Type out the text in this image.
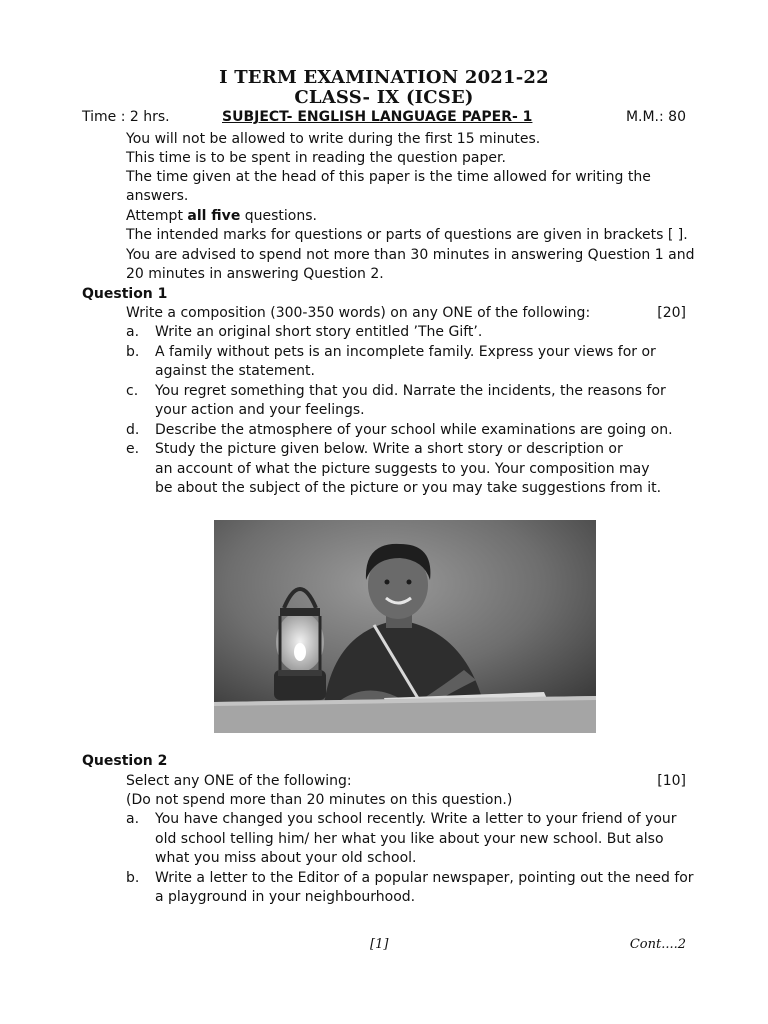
I TERM EXAMINATION 2021-22
CLASS- IX (ICSE)
Time : 2 hrs.	SUBJECT- ENGLISH LANGUAGE PAPER- 1	M.M.: 80
You will not be allowed to write during the first 15 minutes.
This time is to be spent in reading the question paper.
The time given at the head of this paper is the time allowed for writing the
answers.
Attempt all five questions.
The intended marks for questions or parts of questions are given in brackets [ ].
You are advised to spend not more than 30 minutes in answering Question 1 and
20 minutes in answering Question 2.
Question 1
Write a composition (300-350 words) on any ONE of the following:	[20]
a. Write an original short story entitled ’The Gift’.
b. A family without pets is an incomplete family. Express your views for or
against the statement.
c. You regret something that you did. Narrate the incidents, the reasons for
your action and your feelings.
d. Describe the atmosphere of your school while examinations are going on.
e. Study the picture given below. Write a short story or description or
an account of what the picture suggests to you. Your composition may
be about the subject of the picture or you may take suggestions from it.
Question 2
Select any ONE of the following:	[10]
(Do not spend more than 20 minutes on this question.)
a. You have changed you school recently. Write a letter to your friend of your
old school telling him/ her what you like about your new school. But also
what you miss about your old school.
b. Write a letter to the Editor of a popular newspaper, pointing out the need for
a playground in your neighbourhood.
[1]	Cont....2
